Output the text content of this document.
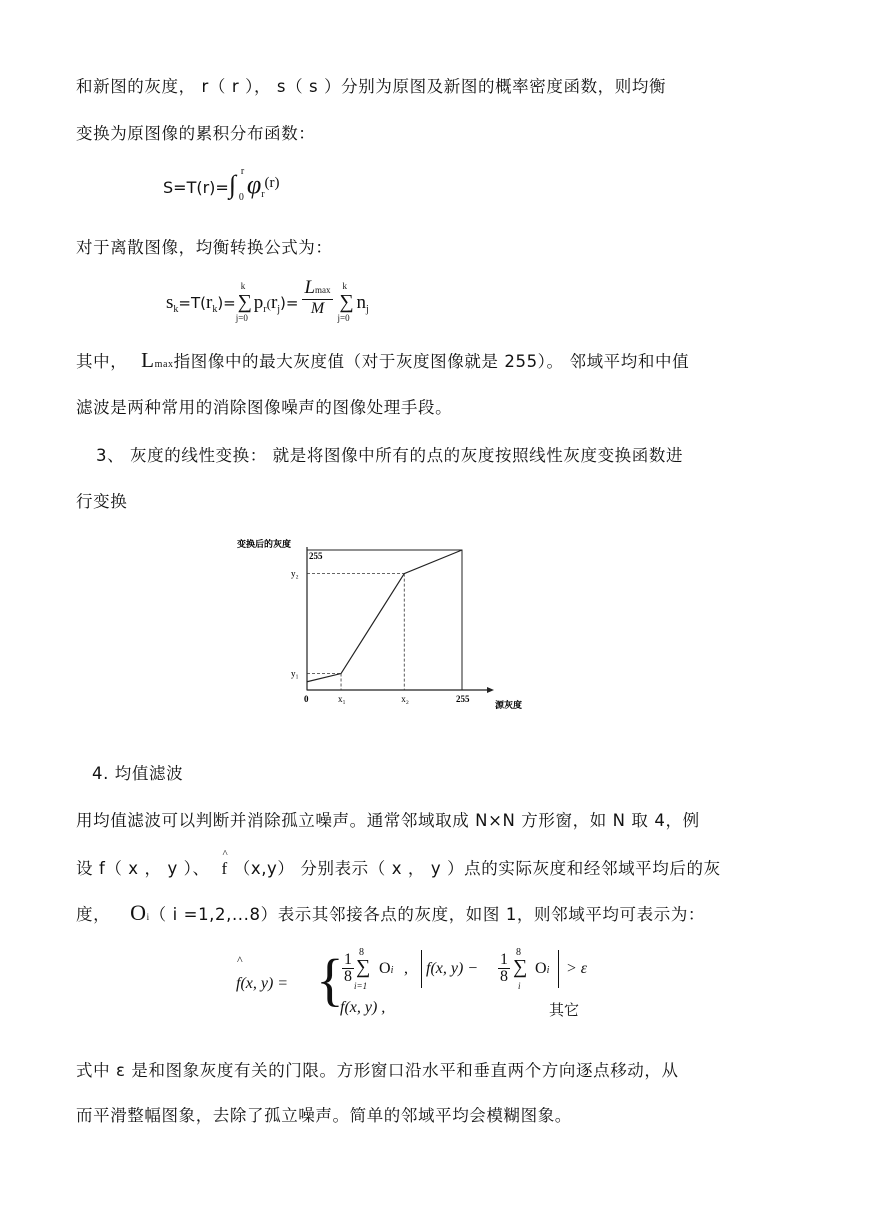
和新图的灰度， r（ r ）， s（ s ）分别为原图及新图的概率密度函数，则均衡
变换为原图像的累积分布函数：
S=T(r)=∫ r
0 $\varphi_r^{(r)}$
对于离散图像，均衡转换公式为：
$s_k=T(r_k)=$
k
∑
j=0
$p_r(r_j)=$
Lmax
M
k
∑
j=0
$n_j$
其中， Lmax指图像中的最大灰度值（对于灰度图像就是 255）。 邻域平均和中值
滤波是两种常用的消除图像噪声的图像处理手段。
3、 灰度的线性变换： 就是将图像中所有的点的灰度按照线性灰度变换函数进
行变换
变换后的灰度
源灰度
0	x₁	x₂	255
y₁
y₂
255
4. 均值滤波
用均值滤波可以判断并消除孤立噪声。通常邻域取成 N×N 方形窗，如 N 取 4，例
设 f（ x ， y ）、
^
f （x,y） 分别表示（ x ， y ）点的实际灰度和经邻域平均后的灰
度， Oi（ i =1,2,...8）表示其邻接各点的灰度，如图 1，则邻域平均可表示为：
^
f(x, y) = { 1
8
8
∑
i=1
Oi , f(x, y) −
1
8
8
∑
i
Oi > ε
f(x, y) ,	其它
式中 ε 是和图象灰度有关的门限。方形窗口沿水平和垂直两个方向逐点移动，从
而平滑整幅图象，去除了孤立噪声。简单的邻域平均会模糊图象。
